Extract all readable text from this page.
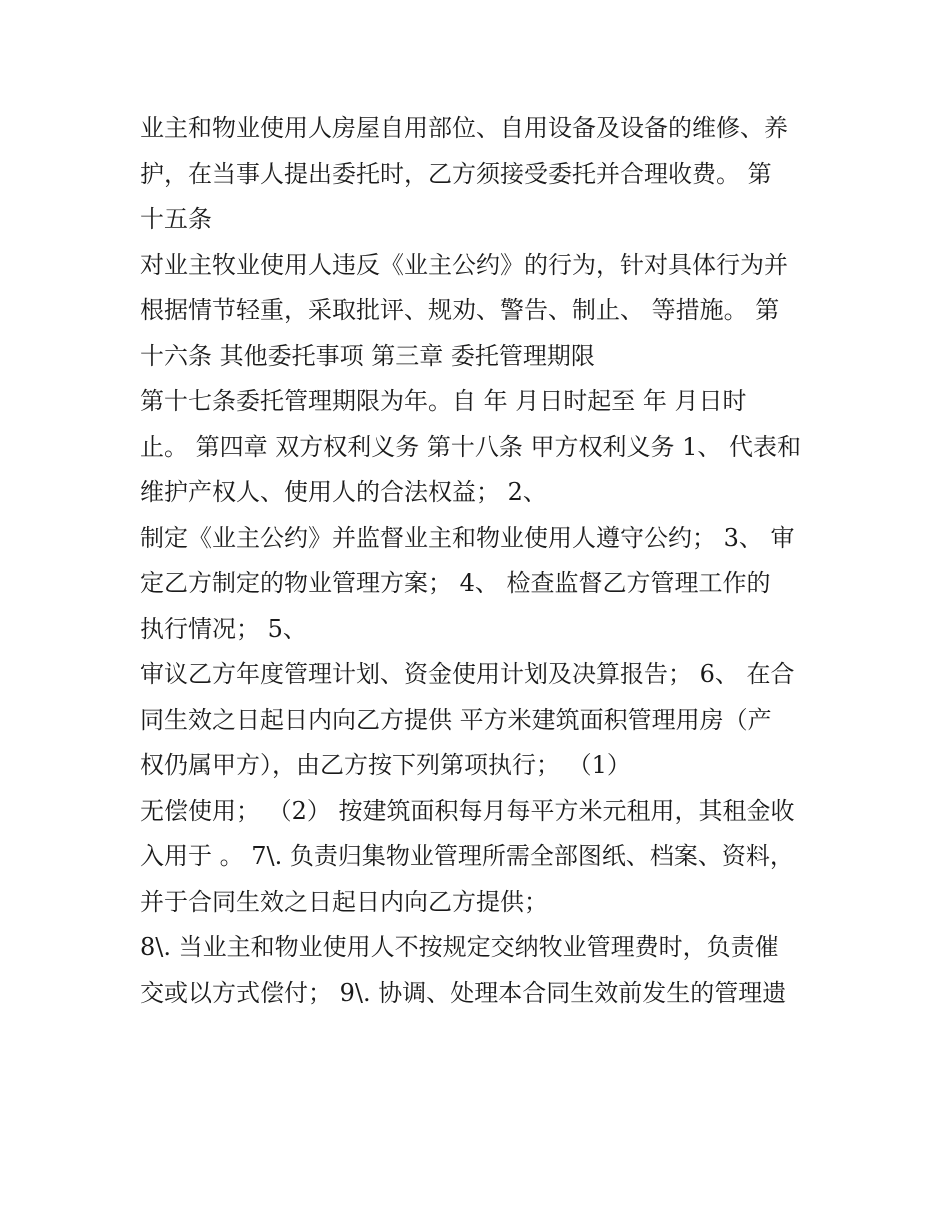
业主和物业使用人房屋自用部位、自用设备及设备的维修、养
护，在当事人提出委托时，乙方须接受委托并合理收费。 第
十五条
对业主牧业使用人违反《业主公约》的行为，针对具体行为并
根据情节轻重，采取批评、规劝、警告、制止、 等措施。 第
十六条 其他委托事项 第三章 委托管理期限
第十七条委托管理期限为年。自 年 月日时起至 年 月日时
止。 第四章 双方权利义务 第十八条 甲方权利义务 1、 代表和
维护产权人、使用人的合法权益； 2、
制定《业主公约》并监督业主和物业使用人遵守公约； 3、 审
定乙方制定的物业管理方案； 4、 检查监督乙方管理工作的
执行情况； 5、
审议乙方年度管理计划、资金使用计划及决算报告； 6、 在合
同生效之日起日内向乙方提供 平方米建筑面积管理用房（产
权仍属甲方），由乙方按下列第项执行； （1）
无偿使用； （2） 按建筑面积每月每平方米元租用，其租金收
入用于 。 7\. 负责归集物业管理所需全部图纸、档案、资料，
并于合同生效之日起日内向乙方提供；
8\. 当业主和物业使用人不按规定交纳牧业管理费时，负责催
交或以方式偿付； 9\. 协调、处理本合同生效前发生的管理遗
